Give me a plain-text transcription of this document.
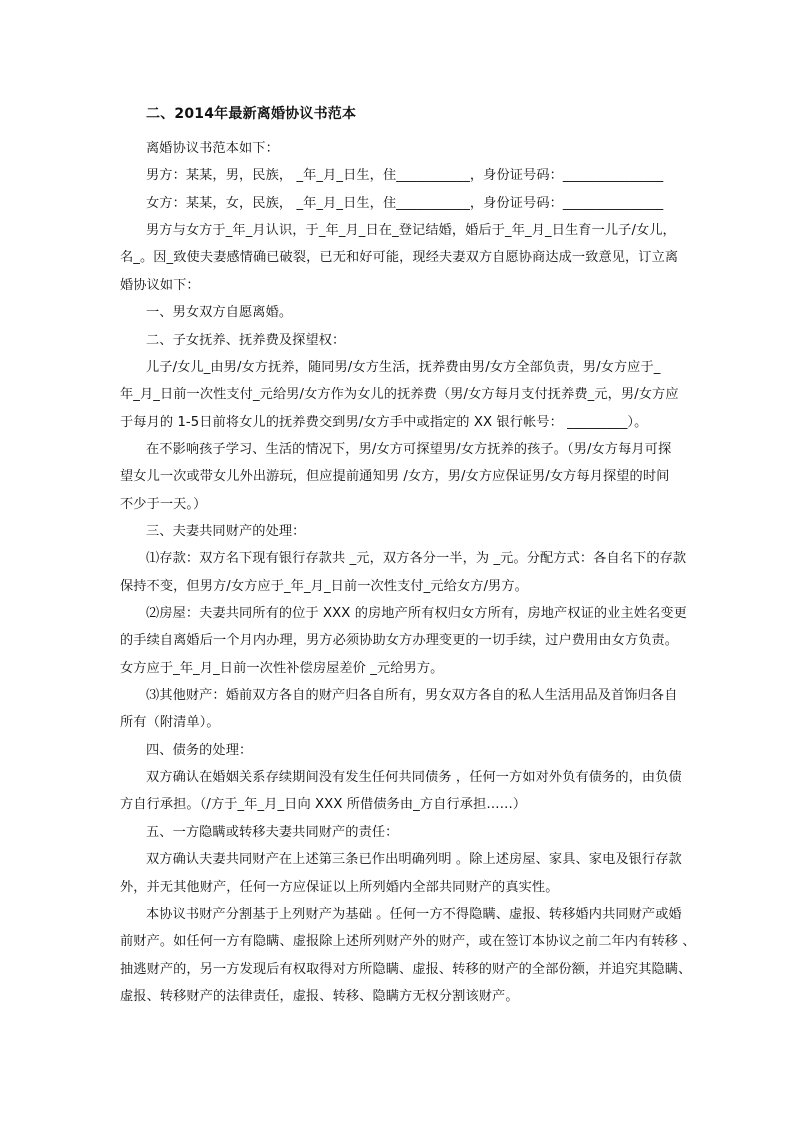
二、2014年最新离婚协议书范本
离婚协议书范本如下：
男方：某某，男，民族， _年_月_日生，住___________，身份证号码：_______________
女方：某某，女，民族， _年_月_日生，住___________，身份证号码：_______________
男方与女方于_年_月认识，于_年_月_日在_登记结婚，婚后于_年_月_日生育一儿子/女儿，
名_。因_致使夫妻感情确已破裂，已无和好可能，现经夫妻双方自愿协商达成一致意见，订立离
婚协议如下：
一、男女双方自愿离婚。
二、子女抚养、抚养费及探望权：
儿子/女儿_由男/女方抚养，随同男/女方生活，抚养费由男/女方全部负责，男/女方应于_
年_月_日前一次性支付_元给男/女方作为女儿的抚养费（男/女方每月支付抚养费_元，男/女方应
于每月的 1-5日前将女儿的抚养费交到男/女方手中或指定的 XX 银行帐号： _________）。
在不影响孩子学习、生活的情况下，男/女方可探望男/女方抚养的孩子。（男/女方每月可探
望女儿一次或带女儿外出游玩，但应提前通知男 /女方，男/女方应保证男/女方每月探望的时间
不少于一天。）
三、夫妻共同财产的处理：
⑴存款：双方名下现有银行存款共 _元，双方各分一半，为 _元。分配方式：各自名下的存款
保持不变，但男方/女方应于_年_月_日前一次性支付_元给女方/男方。
⑵房屋：夫妻共同所有的位于 XXX 的房地产所有权归女方所有，房地产权证的业主姓名变更
的手续自离婚后一个月内办理，男方必须协助女方办理变更的一切手续，过户费用由女方负责。
女方应于_年_月_日前一次性补偿房屋差价 _元给男方。
⑶其他财产：婚前双方各自的财产归各自所有，男女双方各自的私人生活用品及首饰归各自
所有（附清单）。
四、债务的处理：
双方确认在婚姻关系存续期间没有发生任何共同债务 ，任何一方如对外负有债务的，由负债
方自行承担。（/方于_年_月_日向 XXX 所借债务由_方自行承担……）
五、一方隐瞒或转移夫妻共同财产的责任：
双方确认夫妻共同财产在上述第三条已作出明确列明 。除上述房屋、家具、家电及银行存款
外，并无其他财产，任何一方应保证以上所列婚内全部共同财产的真实性。
本协议书财产分割基于上列财产为基础 。任何一方不得隐瞒、虚报、转移婚内共同财产或婚
前财产。如任何一方有隐瞒、虚报除上述所列财产外的财产，或在签订本协议之前二年内有转移 、
抽逃财产的，另一方发现后有权取得对方所隐瞒、虚报、转移的财产的全部份额，并追究其隐瞒、
虚报、转移财产的法律责任，虚报、转移、隐瞒方无权分割该财产。
